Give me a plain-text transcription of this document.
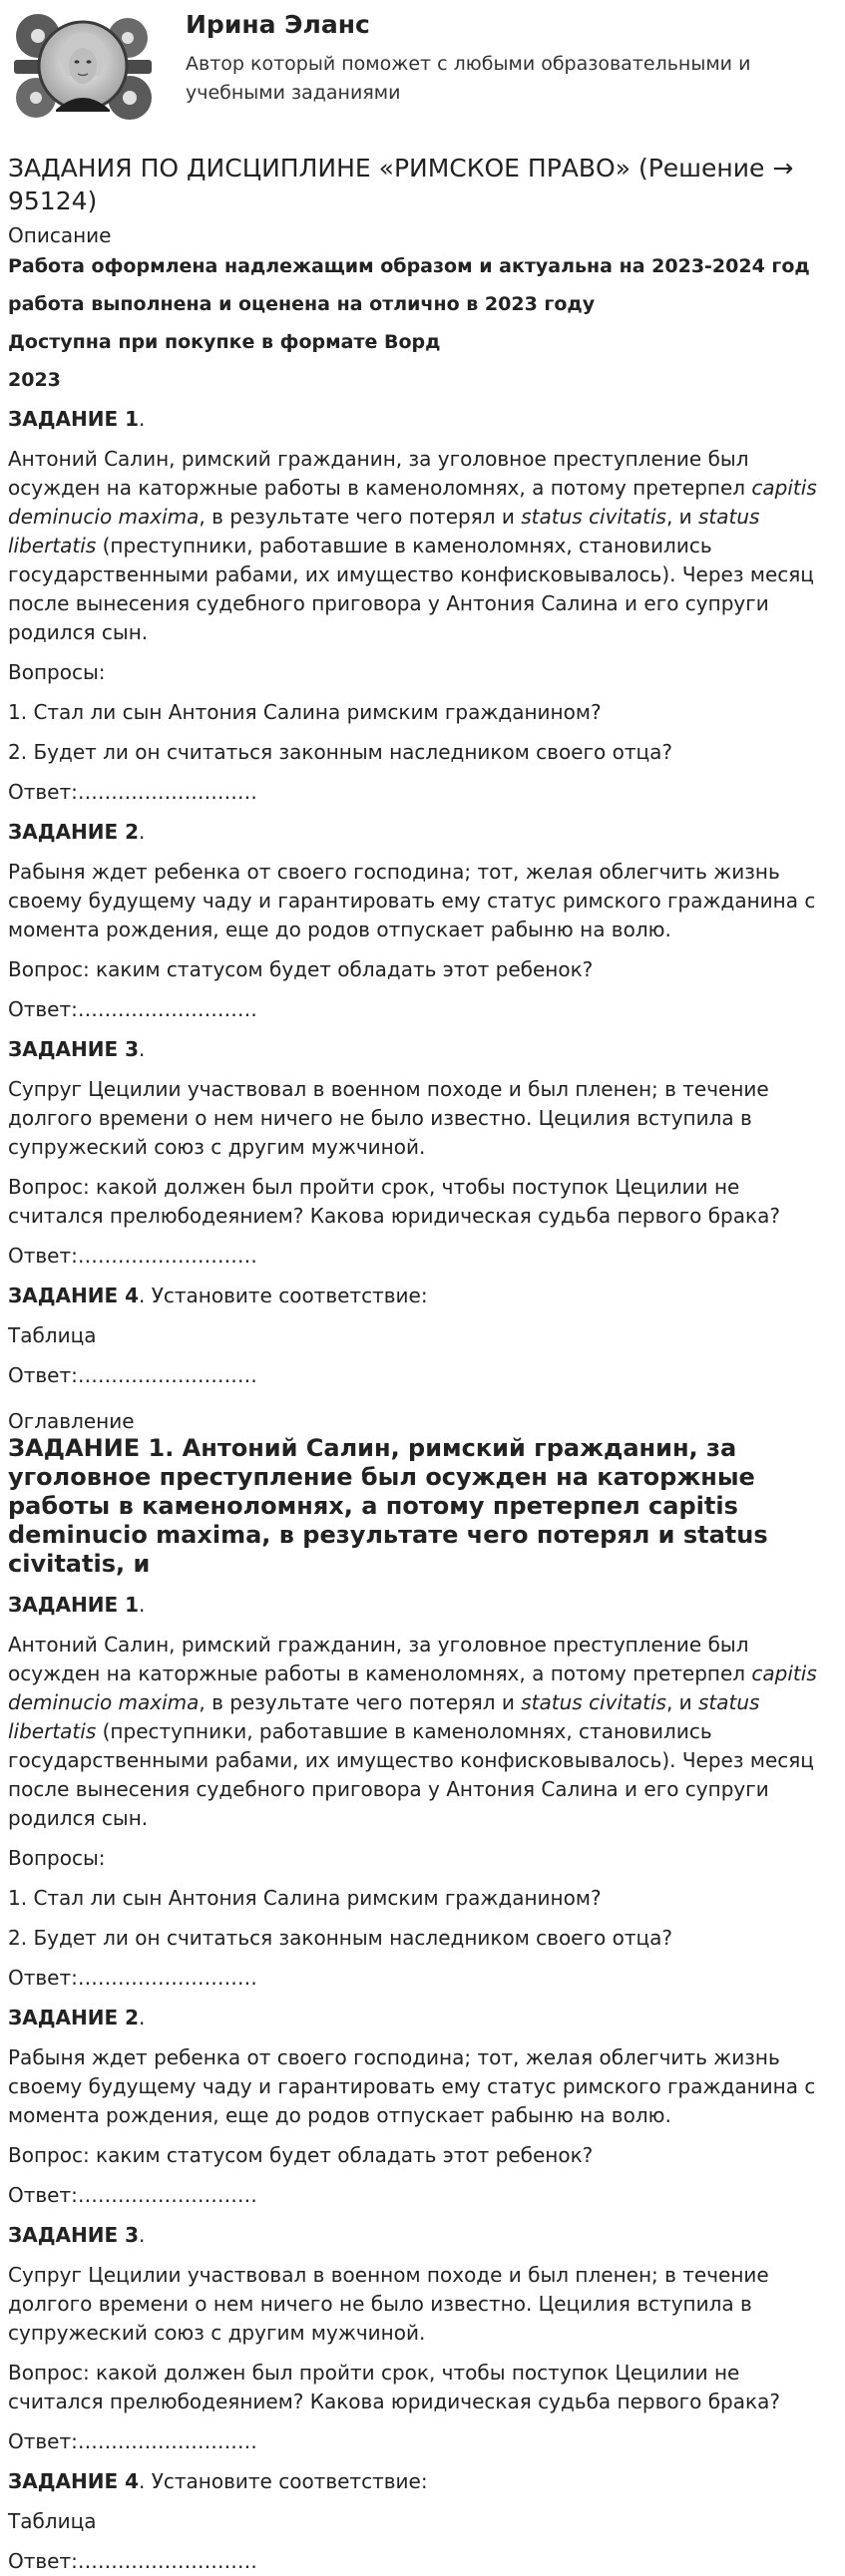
Ирина Эланс
Автор который поможет с любыми образовательными и учебными заданиями
ЗАДАНИЯ ПО ДИСЦИПЛИНЕ «РИМСКОЕ ПРАВО» (Решение → 95124)
Описание
Работа оформлена надлежащим образом и актуальна на 2023-2024 год
работа выполнена и оценена на отлично в 2023 году
Доступна при покупке в формате Ворд
2023

ЗАДАНИЕ 1.

Антоний Салин, римский гражданин, за уголовное преступление был осужден на каторжные работы в каменоломнях, а потому претерпел capitis deminucio maxima, в результате чего потерял и status civitatis, и status libertatis (преступники, работавшие в каменоломнях, становились государственными рабами, их имущество конфисковывалось). Через месяц после вынесения судебного приговора у Антония Салина и его супруги родился сын.

Вопросы:

1. Стал ли сын Антония Салина римским гражданином?

2. Будет ли он считаться законным наследником своего отца?

Ответ:………………………

ЗАДАНИЕ 2.

Рабыня ждет ребенка от своего господина; тот, желая облегчить жизнь своему будущему чаду и гарантировать ему статус римского гражданина с момента рождения, еще до родов отпускает рабыню на волю.

Вопрос: каким статусом будет обладать этот ребенок?

Ответ:………………………

ЗАДАНИЕ 3.

Супруг Цецилии участвовал в военном походе и был пленен; в течение долгого времени о нем ничего не было известно. Цецилия вступила в супружеский союз с другим мужчиной.

Вопрос: какой должен был пройти срок, чтобы поступок Цецилии не считался прелюбодеянием? Какова юридическая судьба первого брака?

Ответ:………………………

ЗАДАНИЕ 4. Установите соответствие:

Таблица

Ответ:………………………

Оглавление
ЗАДАНИЕ 1. Антоний Салин, римский гражданин, за уголовное преступление был осужден на каторжные работы в каменоломнях, а потому претерпел capitis deminucio maxima, в результате чего потерял и status civitatis, и

ЗАДАНИЕ 1.

Антоний Салин, римский гражданин, за уголовное преступление был осужден на каторжные работы в каменоломнях, а потому претерпел capitis deminucio maxima, в результате чего потерял и status civitatis, и status libertatis (преступники, работавшие в каменоломнях, становились государственными рабами, их имущество конфисковывалось). Через месяц после вынесения судебного приговора у Антония Салина и его супруги родился сын.

Вопросы:

1. Стал ли сын Антония Салина римским гражданином?

2. Будет ли он считаться законным наследником своего отца?

Ответ:………………………

ЗАДАНИЕ 2.

Рабыня ждет ребенка от своего господина; тот, желая облегчить жизнь своему будущему чаду и гарантировать ему статус римского гражданина с момента рождения, еще до родов отпускает рабыню на волю.

Вопрос: каким статусом будет обладать этот ребенок?

Ответ:………………………

ЗАДАНИЕ 3.

Супруг Цецилии участвовал в военном походе и был пленен; в течение долгого времени о нем ничего не было известно. Цецилия вступила в супружеский союз с другим мужчиной.

Вопрос: какой должен был пройти срок, чтобы поступок Цецилии не считался прелюбодеянием? Какова юридическая судьба первого брака?

Ответ:………………………

ЗАДАНИЕ 4. Установите соответствие:

Таблица

Ответ:………………………
